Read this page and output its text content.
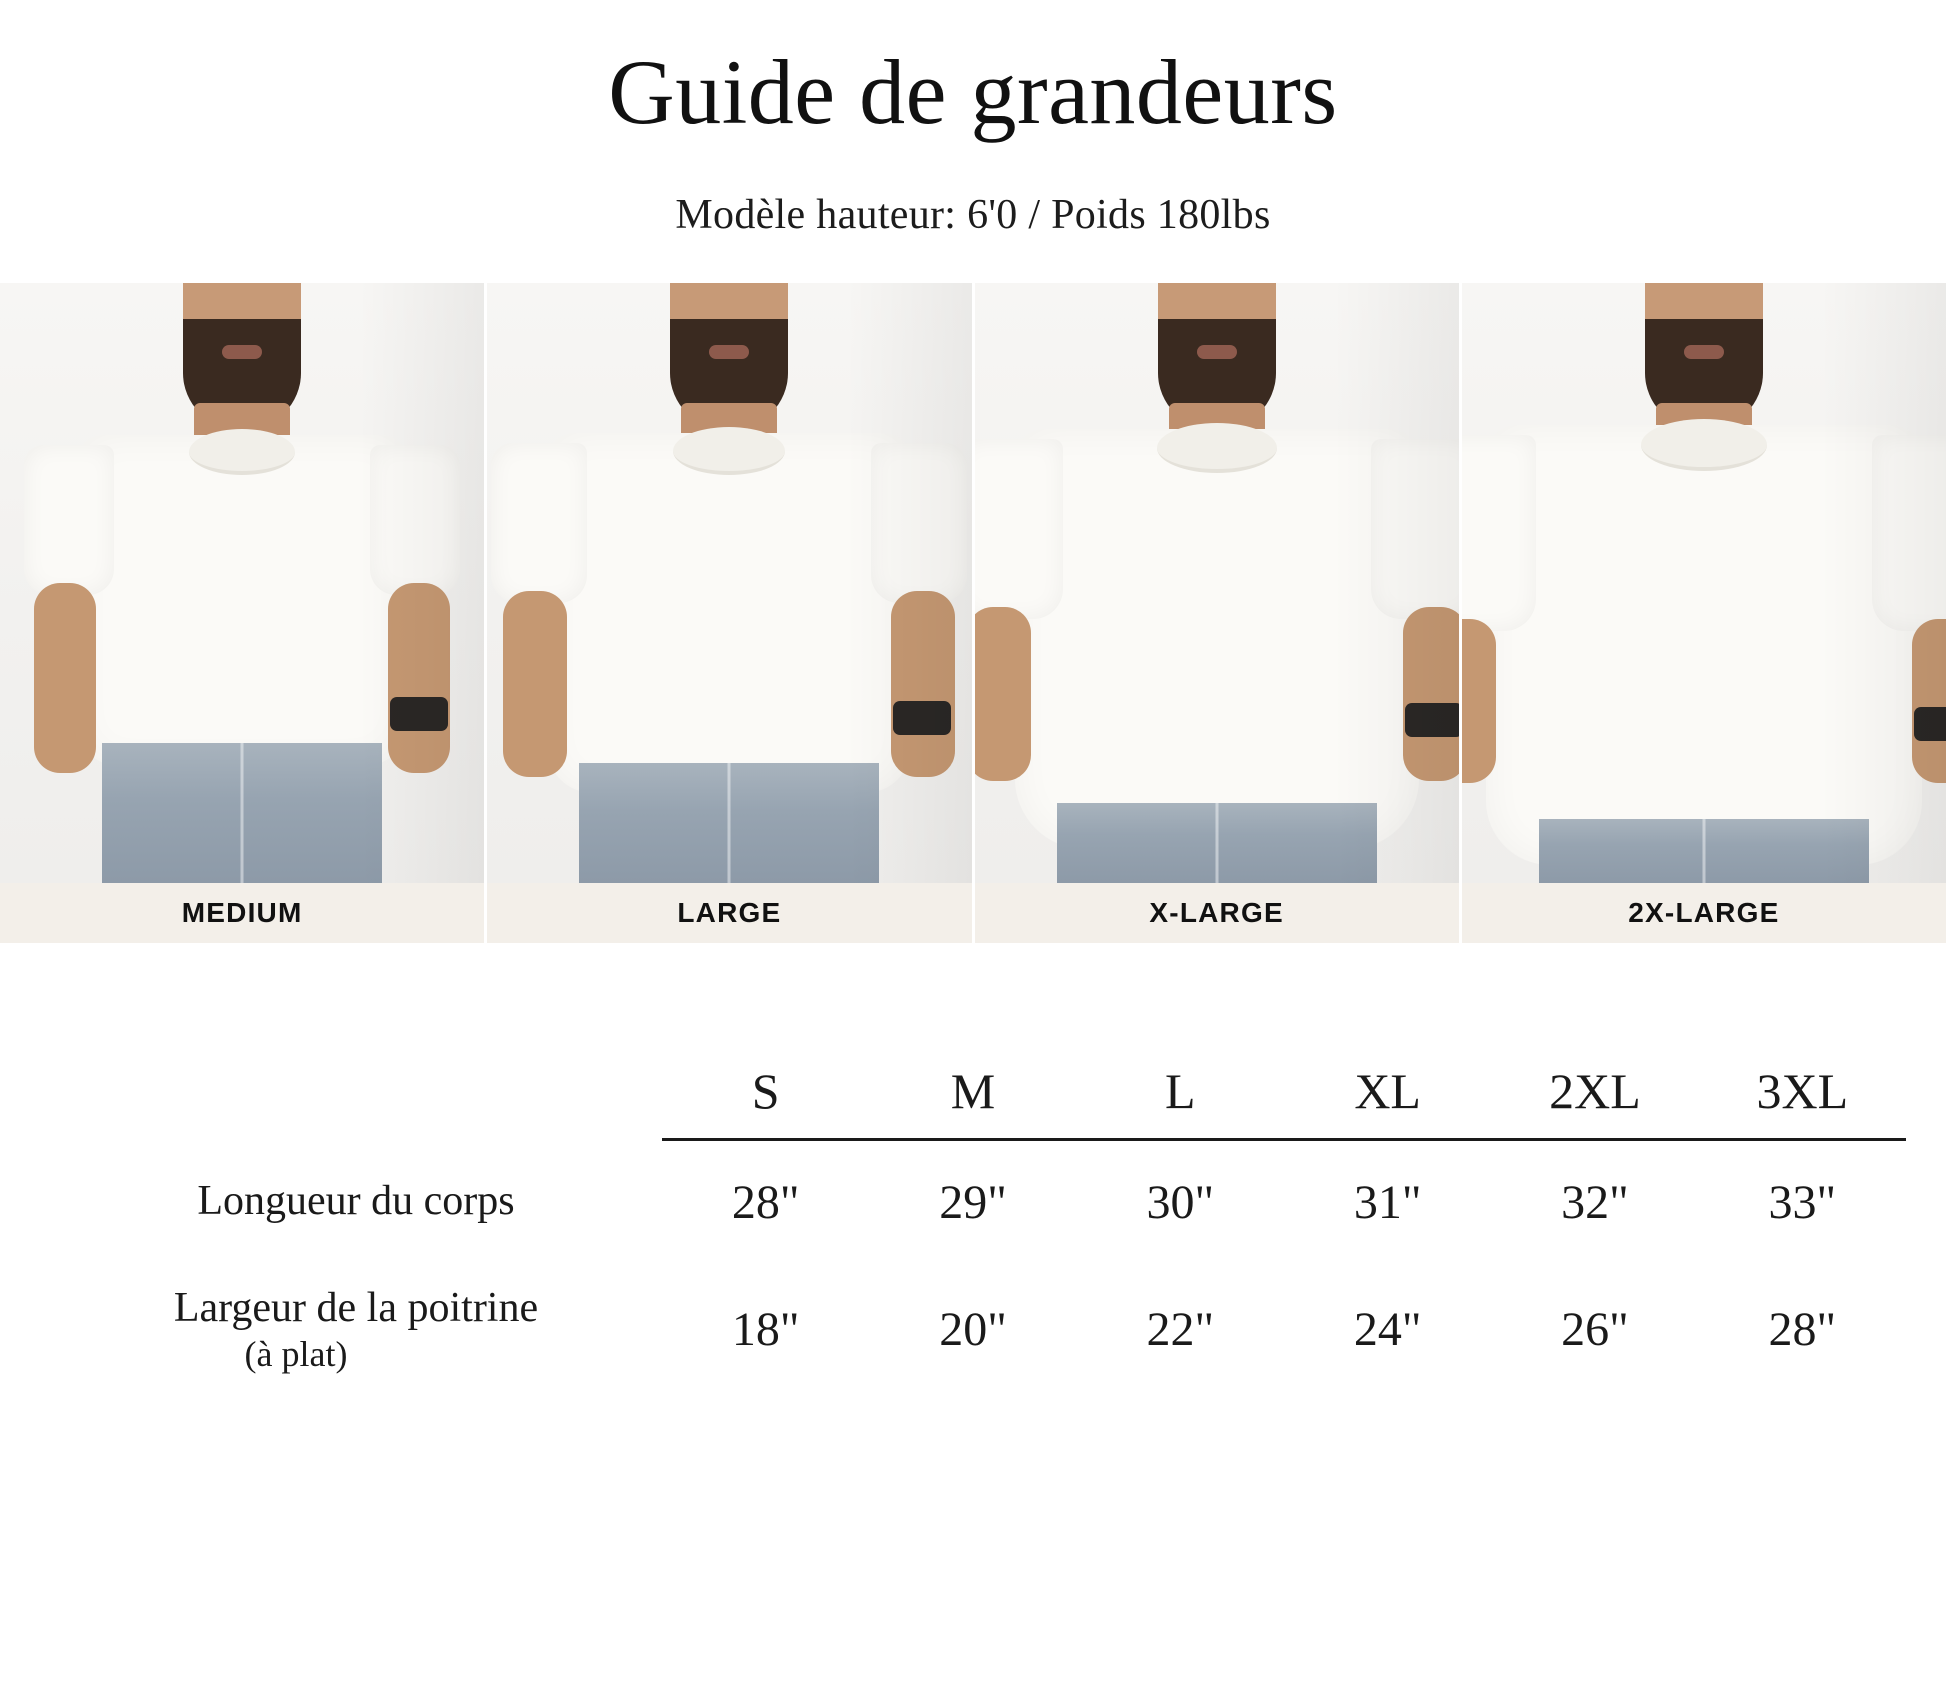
Guide de grandeurs
Modèle hauteur: 6'0 / Poids 180lbs
MEDIUM	LARGE	X-LARGE	2X-LARGE
	S	M	L	XL	2XL	3XL
Longueur du corps	28"	29"	30"	31"	32"	33"
Largeur de la poitrine
(à plat)	18"	20"	22"	24"	26"	28"
